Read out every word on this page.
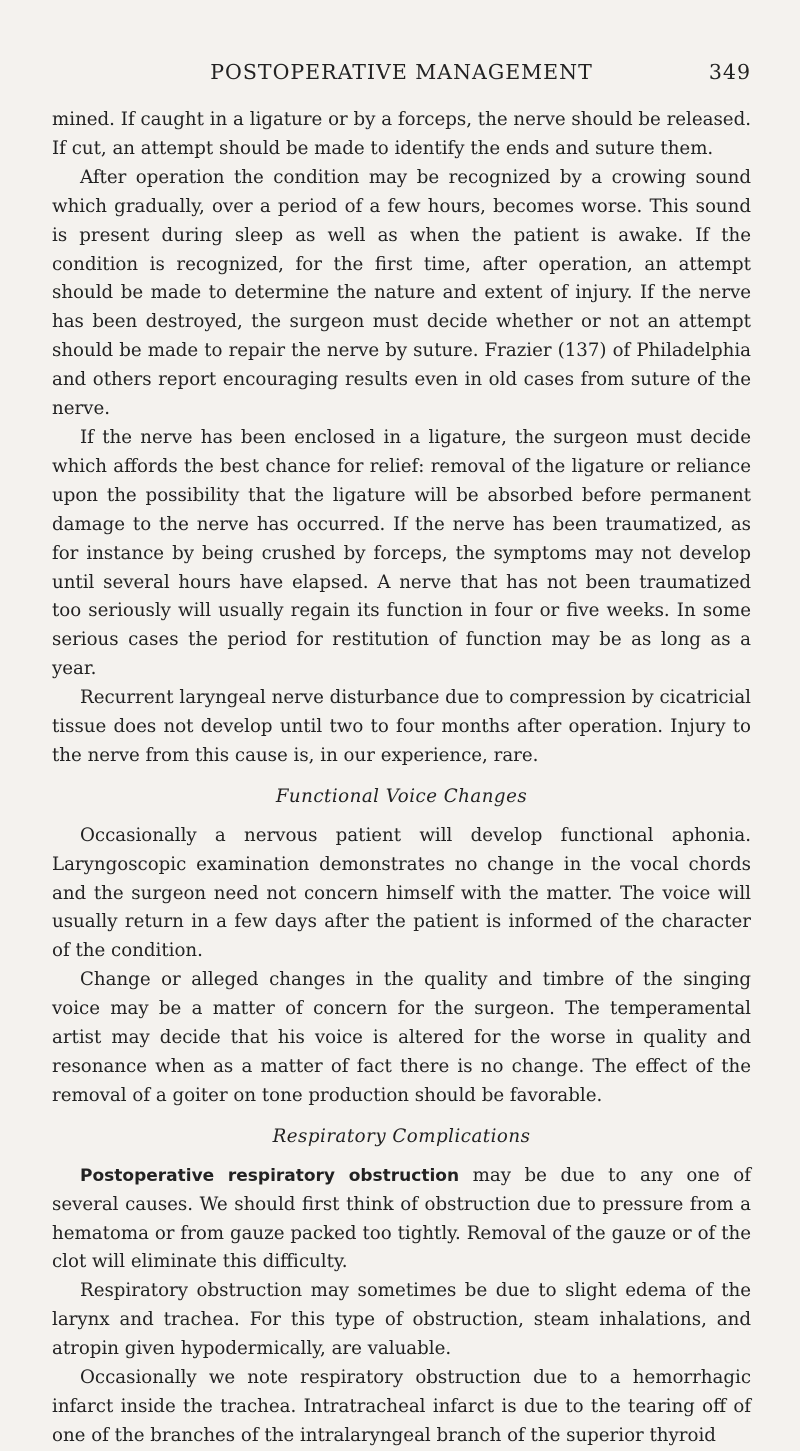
POSTOPERATIVE MANAGEMENT	349

mined. If caught in a ligature or by a forceps, the nerve should be released. If cut, an attempt should be made to identify the ends and suture them.

After operation the condition may be recognized by a crowing sound which gradually, over a period of a few hours, becomes worse. This sound is present during sleep as well as when the patient is awake. If the condition is recognized, for the first time, after operation, an attempt should be made to determine the nature and extent of injury. If the nerve has been destroyed, the surgeon must decide whether or not an attempt should be made to repair the nerve by suture. Frazier (137) of Philadelphia and others report encouraging results even in old cases from suture of the nerve.

If the nerve has been enclosed in a ligature, the surgeon must decide which affords the best chance for relief: removal of the ligature or reliance upon the possibility that the ligature will be absorbed before permanent damage to the nerve has occurred. If the nerve has been traumatized, as for instance by being crushed by forceps, the symptoms may not develop until several hours have elapsed. A nerve that has not been traumatized too seriously will usually regain its function in four or five weeks. In some serious cases the period for restitution of function may be as long as a year.

Recurrent laryngeal nerve disturbance due to compression by cicatricial tissue does not develop until two to four months after operation. Injury to the nerve from this cause is, in our experience, rare.

Functional Voice Changes

Occasionally a nervous patient will develop functional aphonia. Laryngoscopic examination demonstrates no change in the vocal chords and the surgeon need not concern himself with the matter. The voice will usually return in a few days after the patient is informed of the character of the condition.

Change or alleged changes in the quality and timbre of the singing voice may be a matter of concern for the surgeon. The temperamental artist may decide that his voice is altered for the worse in quality and resonance when as a matter of fact there is no change. The effect of the removal of a goiter on tone production should be favorable.

Respiratory Complications

Postoperative respiratory obstruction may be due to any one of several causes. We should first think of obstruction due to pressure from a hematoma or from gauze packed too tightly. Removal of the gauze or of the clot will eliminate this difficulty.

Respiratory obstruction may sometimes be due to slight edema of the larynx and trachea. For this type of obstruction, steam inhalations, and atropin given hypodermically, are valuable.

Occasionally we note respiratory obstruction due to a hemorrhagic infarct inside the trachea. Intratracheal infarct is due to the tearing off of one of the branches of the intralaryngeal branch of the superior thyroid
